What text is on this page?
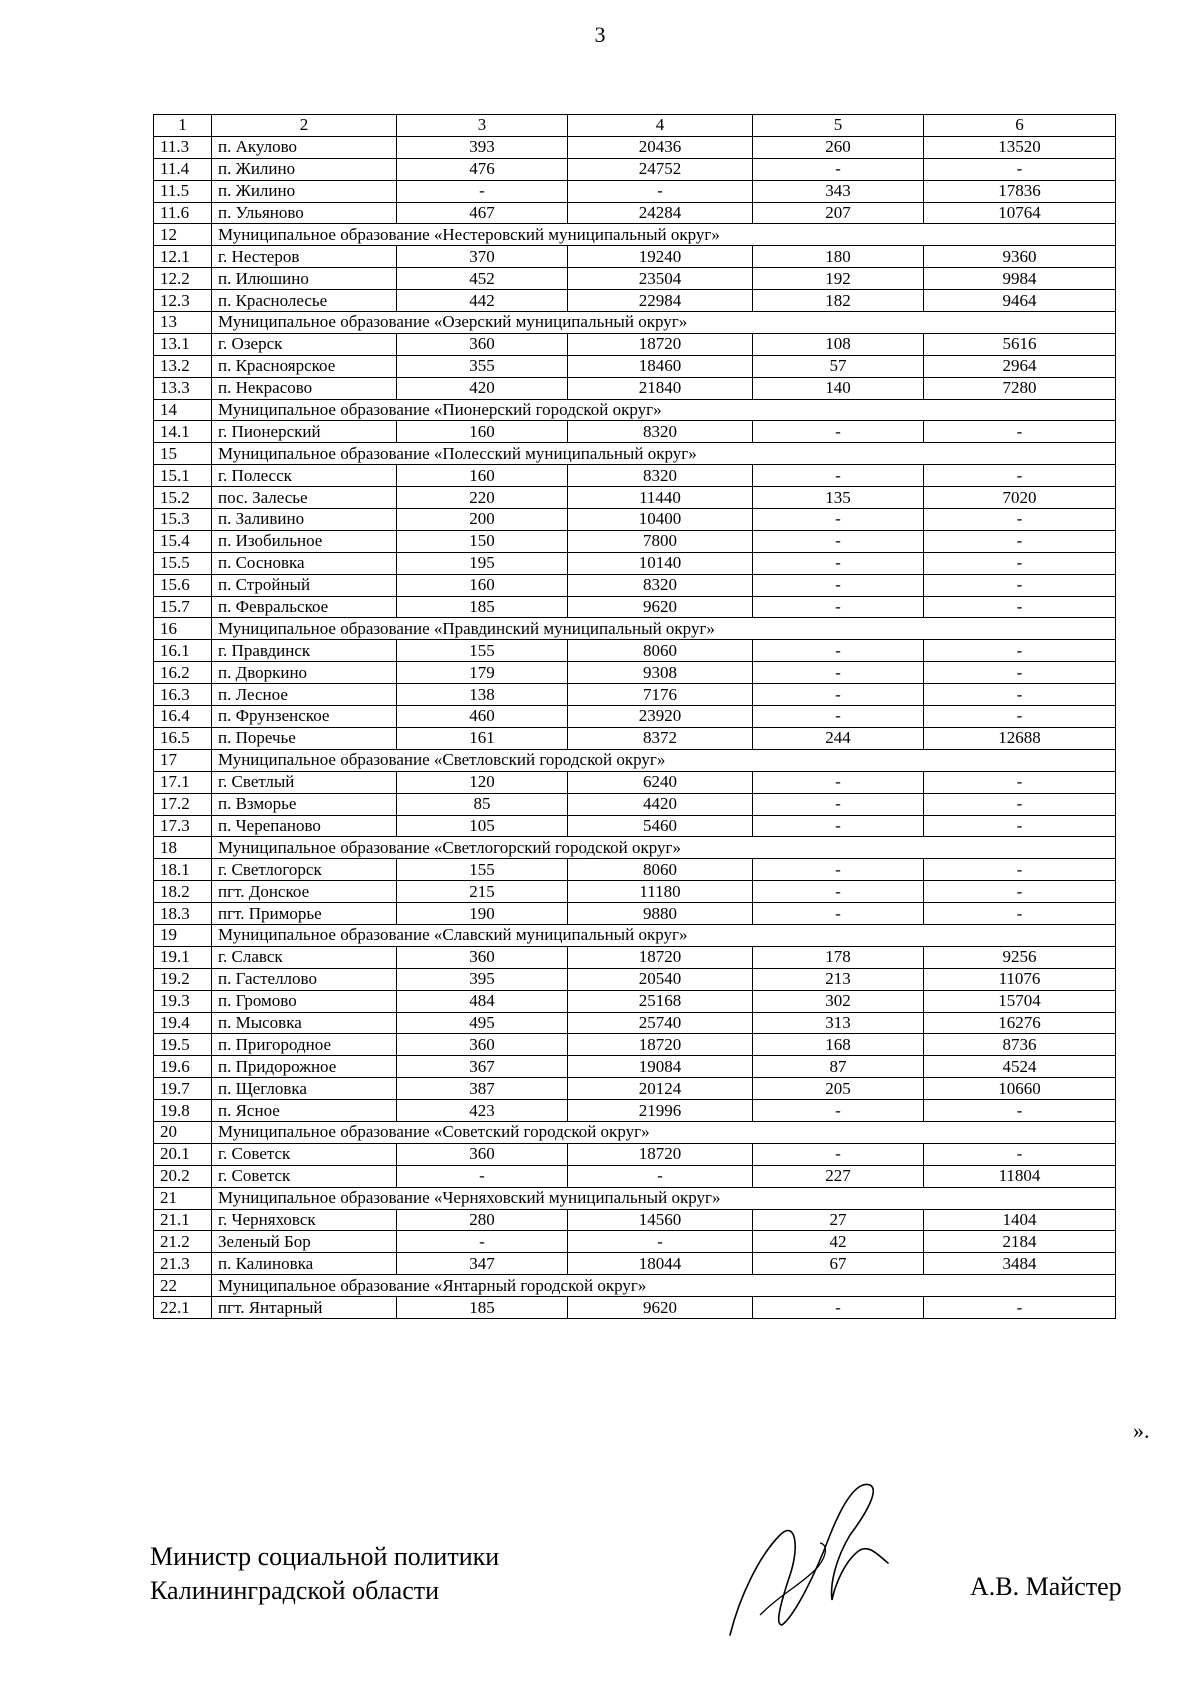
3
1	2	3	4	5	6
11.3	п. Акулово	393	20436	260	13520
11.4	п. Жилино	476	24752	-	-
11.5	п. Жилино	-	-	343	17836
11.6	п. Ульяново	467	24284	207	10764
12	Муниципальное образование «Нестеровский муниципальный округ»				
12.1	г. Нестеров	370	19240	180	9360
12.2	п. Илюшино	452	23504	192	9984
12.3	п. Краснолесье	442	22984	182	9464
13	Муниципальное образование «Озерский муниципальный округ»				
13.1	г. Озерск	360	18720	108	5616
13.2	п. Красноярское	355	18460	57	2964
13.3	п. Некрасово	420	21840	140	7280
14	Муниципальное образование «Пионерский городской округ»				
14.1	г. Пионерский	160	8320	-	-
15	Муниципальное образование «Полесский муниципальный округ»				
15.1	г. Полесск	160	8320	-	-
15.2	пос. Залесье	220	11440	135	7020
15.3	п. Заливино	200	10400	-	-
15.4	п. Изобильное	150	7800	-	-
15.5	п. Сосновка	195	10140	-	-
15.6	п. Стройный	160	8320	-	-
15.7	п. Февральское	185	9620	-	-
16	Муниципальное образование «Правдинский муниципальный округ»				
16.1	г. Правдинск	155	8060	-	-
16.2	п. Дворкино	179	9308	-	-
16.3	п. Лесное	138	7176	-	-
16.4	п. Фрунзенское	460	23920	-	-
16.5	п. Поречье	161	8372	244	12688
17	Муниципальное образование «Светловский городской округ»				
17.1	г. Светлый	120	6240	-	-
17.2	п. Взморье	85	4420	-	-
17.3	п. Черепаново	105	5460	-	-
18	Муниципальное образование «Светлогорский городской округ»				
18.1	г. Светлогорск	155	8060	-	-
18.2	пгт. Донское	215	11180	-	-
18.3	пгт. Приморье	190	9880	-	-
19	Муниципальное образование «Славский муниципальный округ»				
19.1	г. Славск	360	18720	178	9256
19.2	п. Гастеллово	395	20540	213	11076
19.3	п. Громово	484	25168	302	15704
19.4	п. Мысовка	495	25740	313	16276
19.5	п. Пригородное	360	18720	168	8736
19.6	п. Придорожное	367	19084	87	4524
19.7	п. Щегловка	387	20124	205	10660
19.8	п. Ясное	423	21996	-	-
20	Муниципальное образование «Советский городской округ»				
20.1	г. Советск	360	18720	-	-
20.2	г. Советск	-	-	227	11804
21	Муниципальное образование «Черняховский муниципальный округ»				
21.1	г. Черняховск	280	14560	27	1404
21.2	Зеленый Бор	-	-	42	2184
21.3	п. Калиновка	347	18044	67	3484
22	Муниципальное образование «Янтарный городской округ»				
22.1	пгт. Янтарный	185	9620	-	-
».
Министр социальной политики
Калининградской области	А.В. Майстер
